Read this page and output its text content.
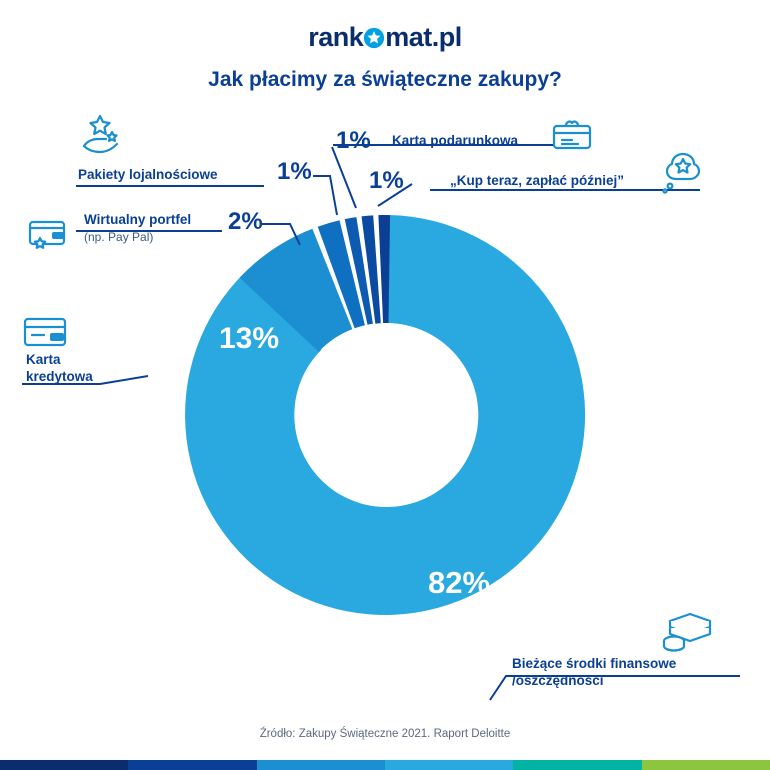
rank mat.pl
Jak płacimy za świąteczne zakupy?
82%
13%
2%
1%
1%
1%
Pakiety lojalnościowe
Wirtualny portfel
(np. Pay Pal)
Karta podarunkowa
„Kup teraz, zapłać później”
Karta
kredytowa
Bieżące środki finansowe
/oszczędności
Źródło: Zakupy Świąteczne 2021. Raport Deloitte
